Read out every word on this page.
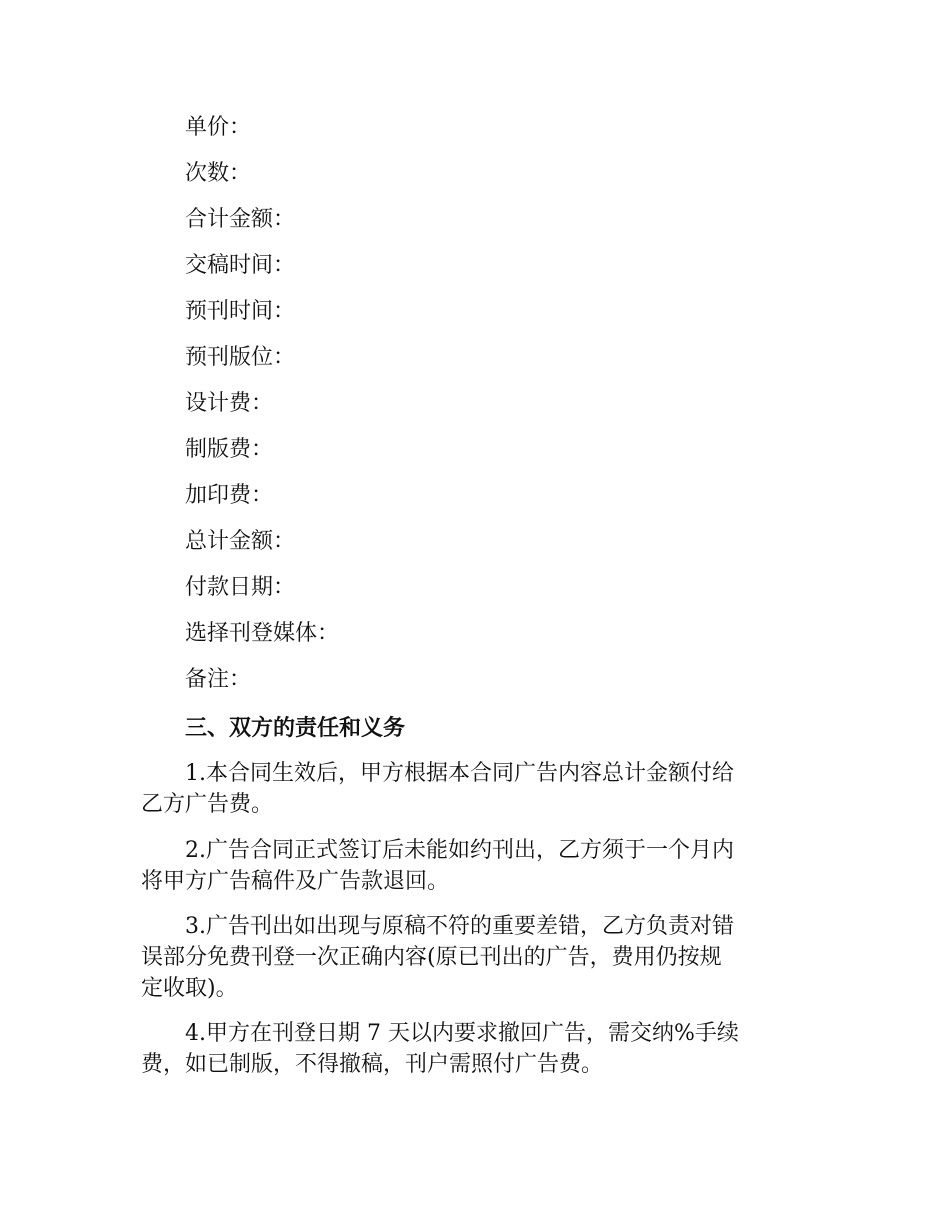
单价：
次数：
合计金额：
交稿时间：
预刊时间：
预刊版位：
设计费：
制版费：
加印费：
总计金额：
付款日期：
选择刊登媒体：
备注：
三、双方的责任和义务
1.本合同生效后，甲方根据本合同广告内容总计金额付给
乙方广告费。
2.广告合同正式签订后未能如约刊出，乙方须于一个月内
将甲方广告稿件及广告款退回。
3.广告刊出如出现与原稿不符的重要差错，乙方负责对错
误部分免费刊登一次正确内容(原已刊出的广告，费用仍按规
定收取)。
4.甲方在刊登日期 7 天以内要求撤回广告，需交纳%手续
费，如已制版，不得撤稿，刊户需照付广告费。
